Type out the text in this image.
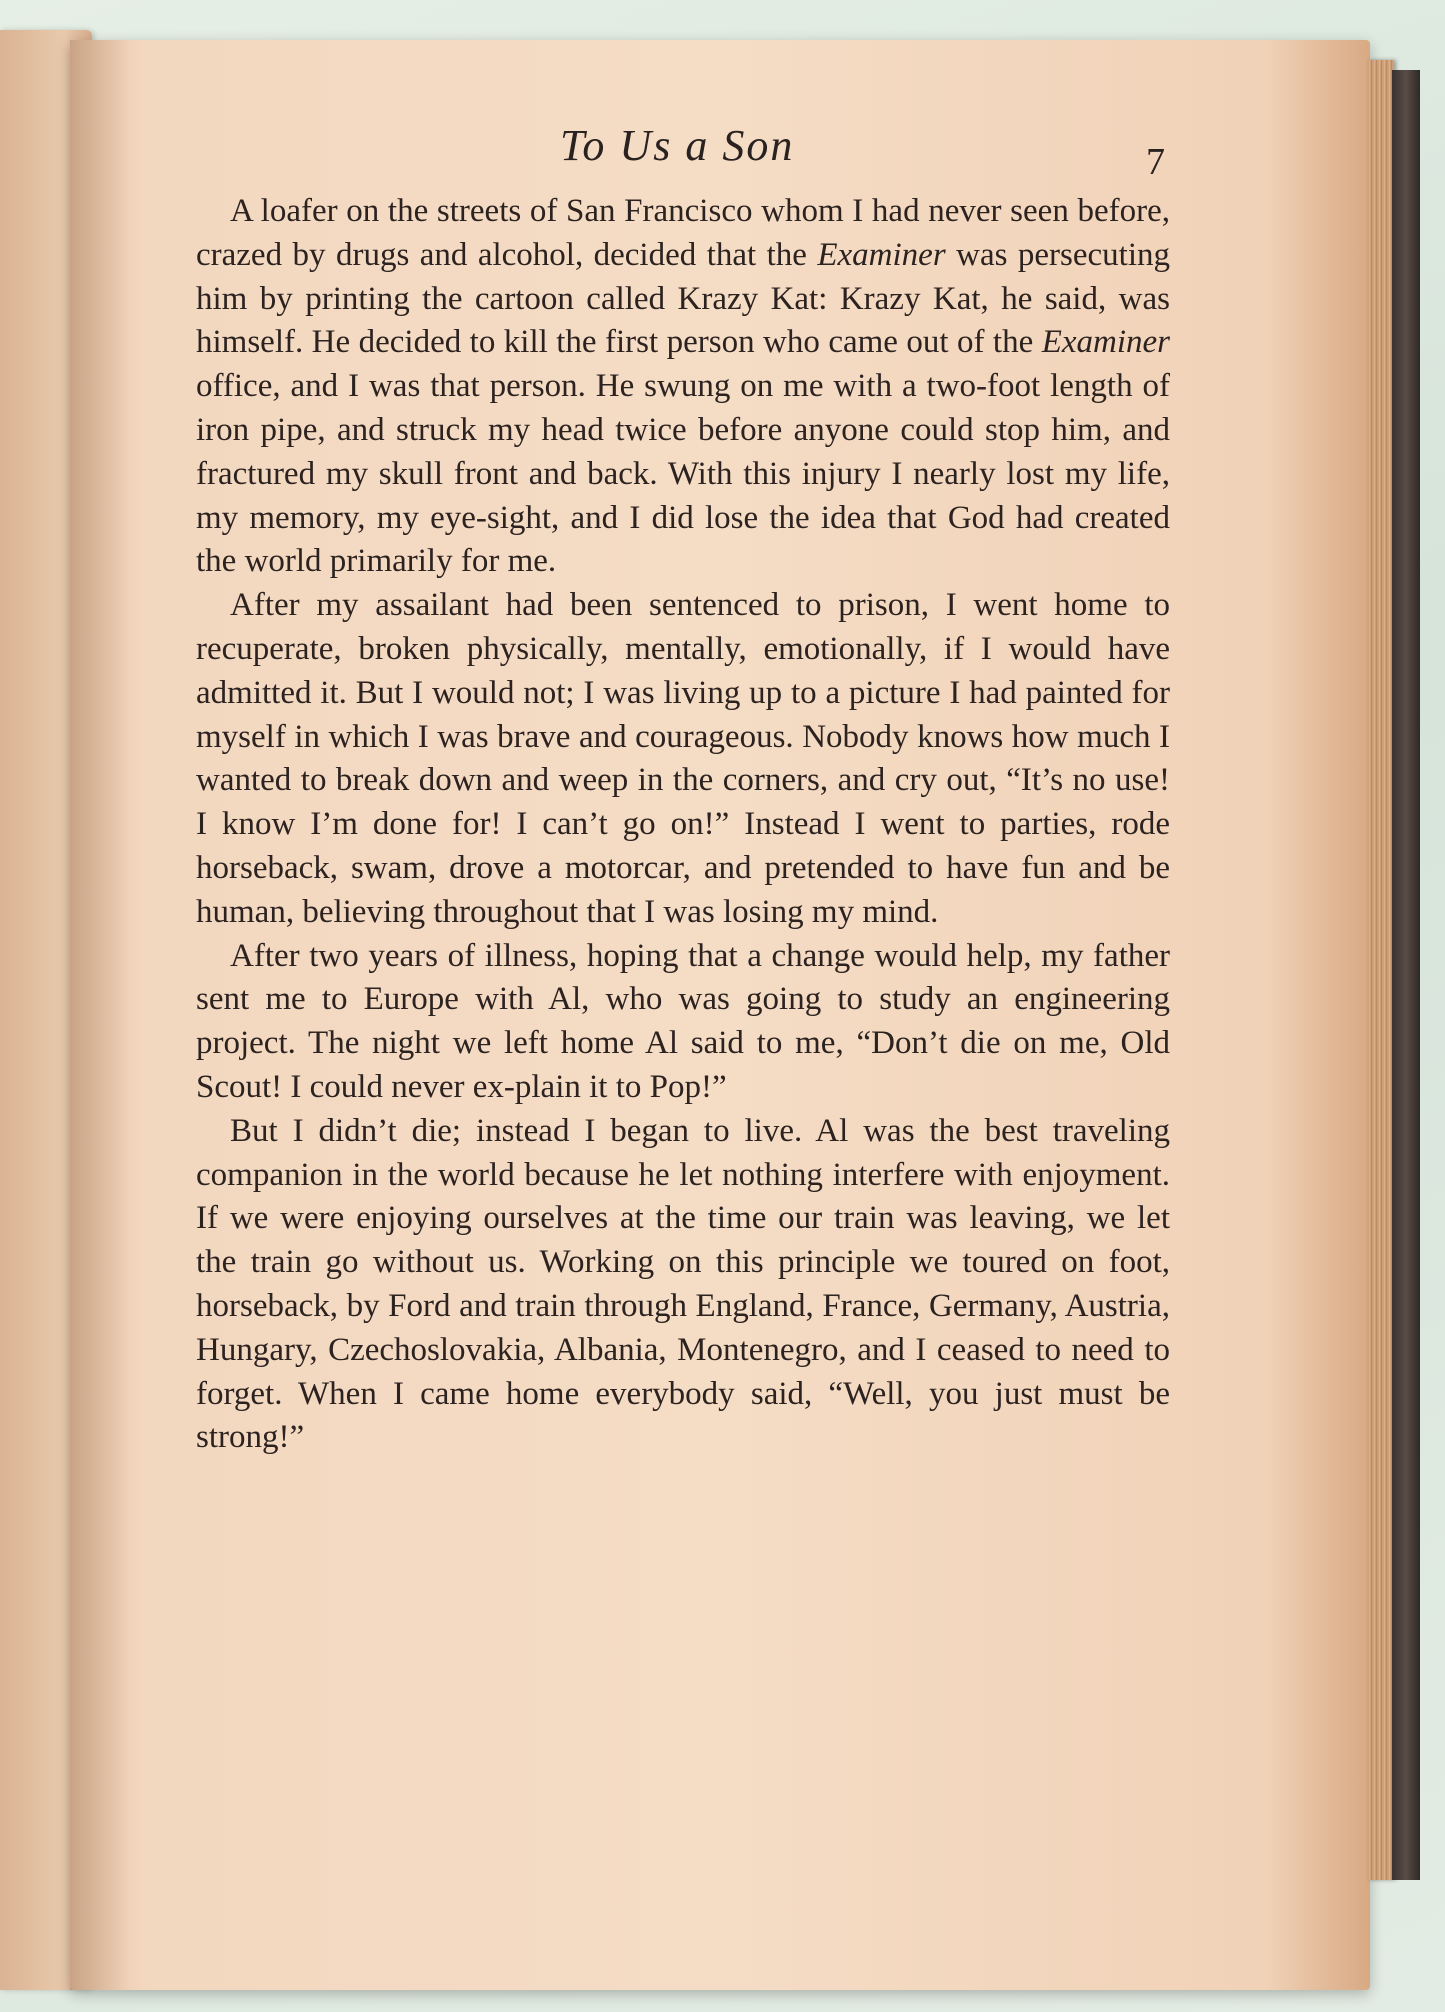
To Us a Son	7

A loafer on the streets of San Francisco whom I had never seen before, crazed by drugs and alcohol, decided that the Examiner was persecuting him by printing the cartoon called Krazy Kat: Krazy Kat, he said, was himself. He decided to kill the first person who came out of the Examiner office, and I was that person. He swung on me with a two-foot length of iron pipe, and struck my head twice before anyone could stop him, and fractured my skull front and back. With this injury I nearly lost my life, my memory, my eye-sight, and I did lose the idea that God had created the world primarily for me.

After my assailant had been sentenced to prison, I went home to recuperate, broken physically, mentally, emotionally, if I would have admitted it. But I would not; I was living up to a picture I had painted for myself in which I was brave and courageous. Nobody knows how much I wanted to break down and weep in the corners, and cry out, “It’s no use! I know I’m done for! I can’t go on!” Instead I went to parties, rode horseback, swam, drove a motorcar, and pretended to have fun and be human, believing throughout that I was losing my mind.

After two years of illness, hoping that a change would help, my father sent me to Europe with Al, who was going to study an engineering project. The night we left home Al said to me, “Don’t die on me, Old Scout! I could never ex-plain it to Pop!”

But I didn’t die; instead I began to live. Al was the best traveling companion in the world because he let nothing interfere with enjoyment. If we were enjoying ourselves at the time our train was leaving, we let the train go without us. Working on this principle we toured on foot, horseback, by Ford and train through England, France, Germany, Austria, Hungary, Czechoslovakia, Albania, Montenegro, and I ceased to need to forget. When I came home everybody said, “Well, you just must be strong!”
